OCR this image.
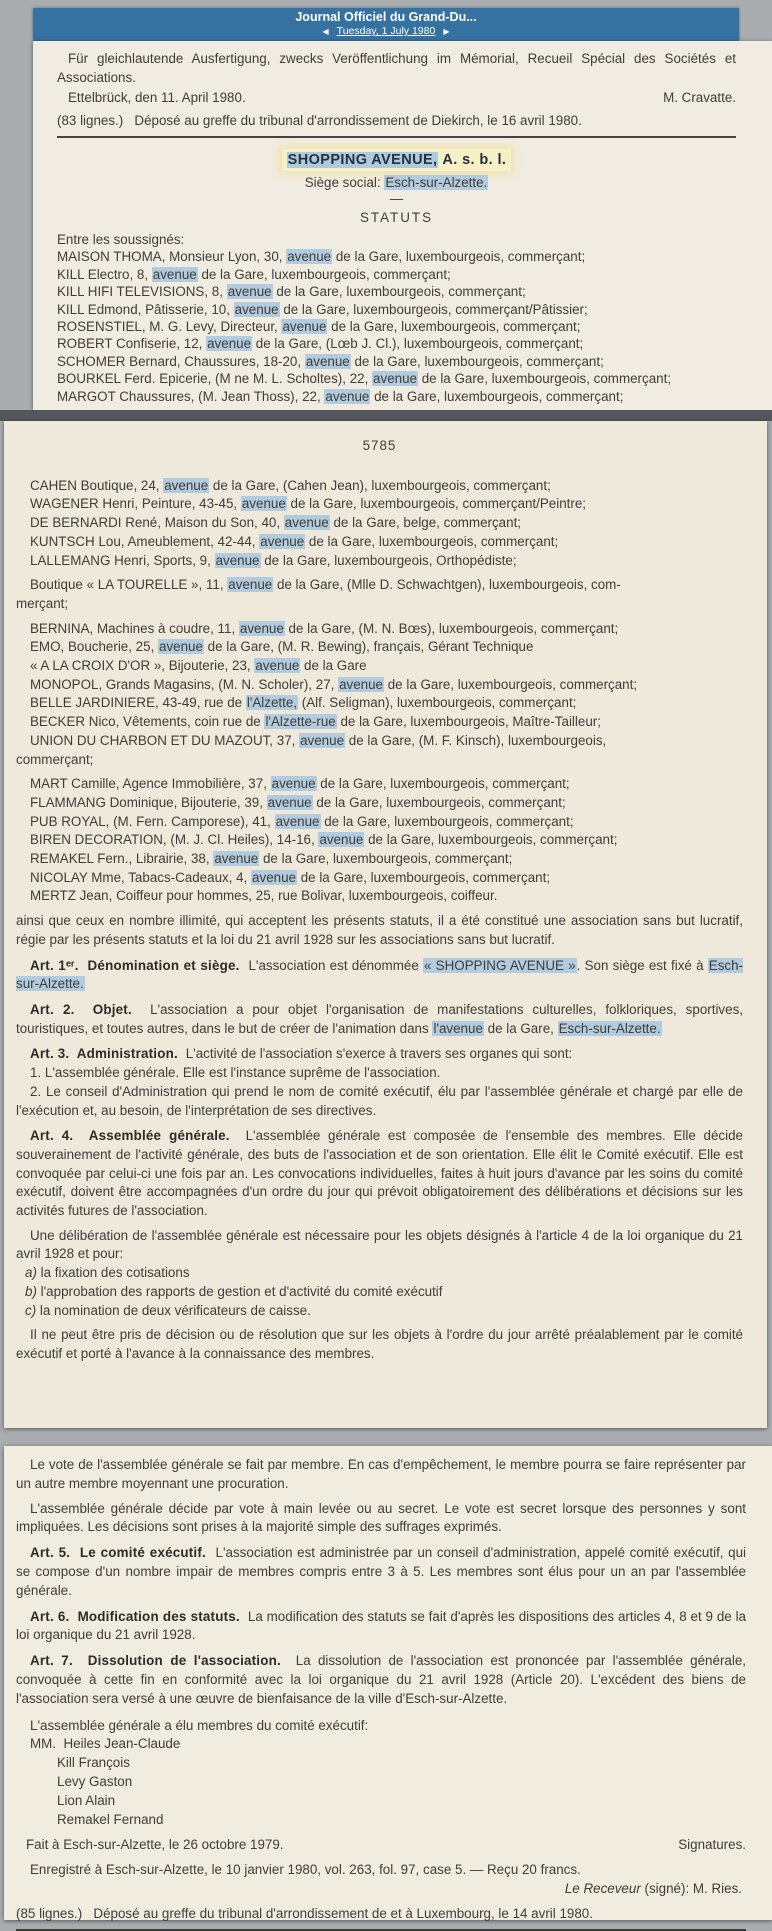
Journal Officiel du Grand-Du...
◀ Tuesday, 1 July 1980 ▶
Für gleichlautende Ausfertigung, zwecks Veröffentlichung im Mémorial, Recueil Spécial des Sociétés et Associations.
Ettelbrück, den 11. April 1980.	M. Cravatte.
(83 lignes.)   Déposé au greffe du tribunal d'arrondissement de Diekirch, le 16 avril 1980.
SHOPPING AVENUE, A. s. b. l.
Siège social: Esch-sur-Alzette.
—
STATUTS
Entre les soussignés:
MAISON THOMA, Monsieur Lyon, 30, avenue de la Gare, luxembourgeois, commerçant;
KILL Electro, 8, avenue de la Gare, luxembourgeois, commerçant;
KILL HIFI TELEVISIONS, 8, avenue de la Gare, luxembourgeois, commerçant;
KILL Edmond, Pâtisserie, 10, avenue de la Gare, luxembourgeois, commerçant/Pâtissier;
ROSENSTIEL, M. G. Levy, Directeur, avenue de la Gare, luxembourgeois, commerçant;
ROBERT Confiserie, 12, avenue de la Gare, (Lœb J. Cl.), luxembourgeois, commerçant;
SCHOMER Bernard, Chaussures, 18-20, avenue de la Gare, luxembourgeois, commerçant;
BOURKEL Ferd. Epicerie, (M ne M. L. Scholtes), 22, avenue de la Gare, luxembourgeois, commerçant;
MARGOT Chaussures, (M. Jean Thoss), 22, avenue de la Gare, luxembourgeois, commerçant;
5785
CAHEN Boutique, 24, avenue de la Gare, (Cahen Jean), luxembourgeois, commerçant;
WAGENER Henri, Peinture, 43-45, avenue de la Gare, luxembourgeois, commerçant/Peintre;
DE BERNARDI René, Maison du Son, 40, avenue de la Gare, belge, commerçant;
KUNTSCH Lou, Ameublement, 42-44, avenue de la Gare, luxembourgeois, commerçant;
LALLEMANG Henri, Sports, 9, avenue de la Gare, luxembourgeois, Orthopédiste;
Boutique « LA TOURELLE », 11, avenue de la Gare, (Mlle D. Schwachtgen), luxembourgeois, com-
merçant;
BERNINA, Machines à coudre, 11, avenue de la Gare, (M. N. Bœs), luxembourgeois, commerçant;
EMO, Boucherie, 25, avenue de la Gare, (M. R. Bewing), français, Gérant Technique
« A LA CROIX D'OR », Bijouterie, 23, avenue de la Gare
MONOPOL, Grands Magasins, (M. N. Scholer), 27, avenue de la Gare, luxembourgeois, commerçant;
BELLE JARDINIERE, 43-49, rue de l'Alzette, (Alf. Seligman), luxembourgeois, commerçant;
BECKER Nico, Vêtements, coin rue de l'Alzette-rue de la Gare, luxembourgeois, Maître-Tailleur;
UNION DU CHARBON ET DU MAZOUT, 37, avenue de la Gare, (M. F. Kinsch), luxembourgeois,
commerçant;
MART Camille, Agence Immobilière, 37, avenue de la Gare, luxembourgeois, commerçant;
FLAMMANG Dominique, Bijouterie, 39, avenue de la Gare, luxembourgeois, commerçant;
PUB ROYAL, (M. Fern. Camporese), 41, avenue de la Gare, luxembourgeois, commerçant;
BIREN DECORATION, (M. J. Cl. Heiles), 14-16, avenue de la Gare, luxembourgeois, commerçant;
REMAKEL Fern., Librairie, 38, avenue de la Gare, luxembourgeois, commerçant;
NICOLAY Mme, Tabacs-Cadeaux, 4, avenue de la Gare, luxembourgeois, commerçant;
MERTZ Jean, Coiffeur pour hommes, 25, rue Bolivar, luxembourgeois, coiffeur.
ainsi que ceux en nombre illimité, qui acceptent les présents statuts, il a été constitué une association sans but lucratif, régie par les présents statuts et la loi du 21 avril 1928 sur les associations sans but lucratif.
Art. 1ᵉʳ.  Dénomination et siège.  L'association est dénommée « SHOPPING AVENUE ». Son siège est fixé à Esch-sur-Alzette.
Art. 2.  Objet.  L'association a pour objet l'organisation de manifestations culturelles, folkloriques, sportives, touristiques, et toutes autres, dans le but de créer de l'animation dans l'avenue de la Gare, Esch-sur-Alzette.
Art. 3.  Administration.  L'activité de l'association s'exerce à travers ses organes qui sont:
1. L'assemblée générale. Elle est l'instance suprême de l'association.
2. Le conseil d'Administration qui prend le nom de comité exécutif, élu par l'assemblée générale et chargé par elle de l'exécution et, au besoin, de l'interprétation de ses directives.
Art. 4.  Assemblée générale.  L'assemblée générale est composée de l'ensemble des membres. Elle décide souverainement de l'activité générale, des buts de l'association et de son orientation. Elle élit le Comité exécutif. Elle est convoquée par celui-ci une fois par an. Les convocations individuelles, faites à huit jours d'avance par les soins du comité exécutif, doivent être accompagnées d'un ordre du jour qui prévoit obligatoirement des délibérations et décisions sur les activités futures de l'association.
Une délibération de l'assemblée générale est nécessaire pour les objets désignés à l'article 4 de la loi organique du 21 avril 1928 et pour:
a) la fixation des cotisations
b) l'approbation des rapports de gestion et d'activité du comité exécutif
c) la nomination de deux vérificateurs de caisse.
Il ne peut être pris de décision ou de résolution que sur les objets à l'ordre du jour arrêté préalablement par le comité exécutif et porté à l'avance à la connaissance des membres.
Le vote de l'assemblée générale se fait par membre. En cas d'empêchement, le membre pourra se faire représenter par un autre membre moyennant une procuration.
L'assemblée générale décide par vote à main levée ou au secret. Le vote est secret lorsque des personnes y sont impliquées. Les décisions sont prises à la majorité simple des suffrages exprimés.
Art. 5.  Le comité exécutif.  L'association est administrée par un conseil d'administration, appelé comité exécutif, qui se compose d'un nombre impair de membres compris entre 3 à 5. Les membres sont élus pour un an par l'assemblée générale.
Art. 6.  Modification des statuts.  La modification des statuts se fait d'après les dispositions des articles 4, 8 et 9 de la loi organique du 21 avril 1928.
Art. 7.  Dissolution de l'association.  La dissolution de l'association est prononcée par l'assemblée générale, convoquée à cette fin en conformité avec la loi organique du 21 avril 1928 (Article 20). L'excédent des biens de l'association sera versé à une œuvre de bienfaisance de la ville d'Esch-sur-Alzette.
L'assemblée générale a élu membres du comité exécutif:
MM.  Heiles Jean-Claude
Kill François
Levy Gaston
Lion Alain
Remakel Fernand
Fait à Esch-sur-Alzette, le 26 octobre 1979.	Signatures.
Enregistré à Esch-sur-Alzette, le 10 janvier 1980, vol. 263, fol. 97, case 5. — Reçu 20 francs.
Le Receveur (signé): M. Ries.
(85 lignes.)   Déposé au greffe du tribunal d'arrondissement de et à Luxembourg, le 14 avril 1980.
